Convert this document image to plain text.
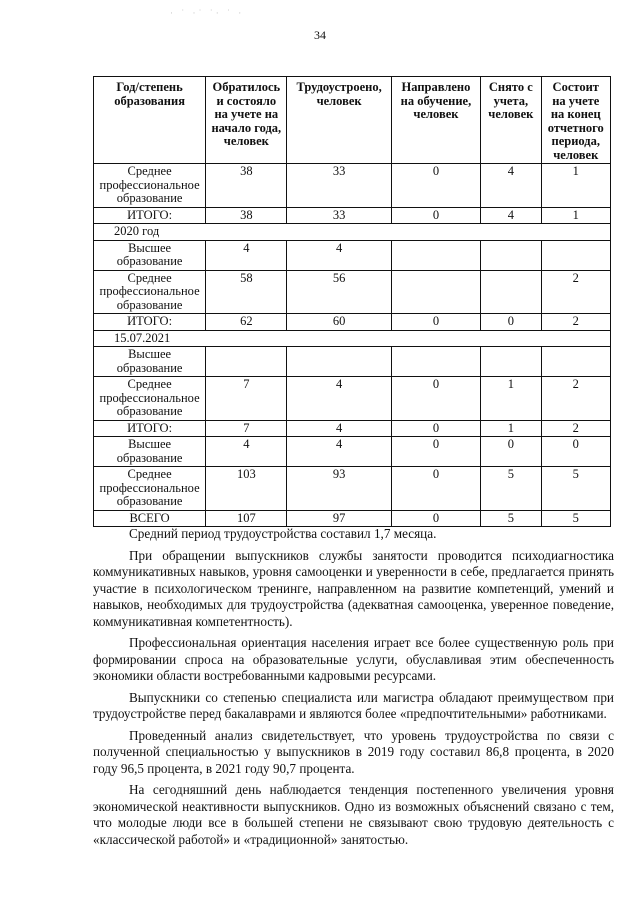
· ˙ ·˙ ˙· ˙ ·
34
Год/степень образования	Обратилось и состояло на учете на начало года, человек	Трудоустроено, человек	Направлено на обучение, человек	Снято с учета, человек	Состоит на учете на конец отчетного периода, человек
Среднее профессиональное образование	38	33	0	4	1
ИТОГО:	38	33	0	4	1
2020 год					
Высшее образование	4	4			
Среднее профессиональное образование	58	56			2
ИТОГО:	62	60	0	0	2
15.07.2021					
Высшее образование					
Среднее профессиональное образование	7	4	0	1	2
ИТОГО:	7	4	0	1	2
Высшее образование	4	4	0	0	0
Среднее профессиональное образование	103	93	0	5	5
ВСЕГО	107	97	0	5	5

Средний период трудоустройства составил 1,7 месяца.

При обращении выпускников службы занятости проводится психодиагностика коммуникативных навыков, уровня самооценки и уверенности в себе, предлагается принять участие в психологическом тренинге, направленном на развитие компетенций, умений и навыков, необходимых для трудоустройства (адекватная самооценка, уверенное поведение, коммуникативная компетентность).

Профессиональная ориентация населения играет все более существенную роль при формировании спроса на образовательные услуги, обуславливая этим обеспеченность экономики области востребованными кадровыми ресурсами.

Выпускники со степенью специалиста или магистра обладают преимуществом при трудоустройстве перед бакалаврами и являются более «предпочтительными» работниками.

Проведенный анализ свидетельствует, что уровень трудоустройства по связи с полученной специальностью у выпускников в 2019 году составил 86,8 процента, в 2020 году 96,5 процента, в 2021 году 90,7 процента.

На сегодняшний день наблюдается тенденция постепенного увеличения уровня экономической неактивности выпускников. Одно из возможных объяснений связано с тем, что молодые люди все в большей степени не связывают свою трудовую деятельность с «классической работой» и «традиционной» занятостью.
